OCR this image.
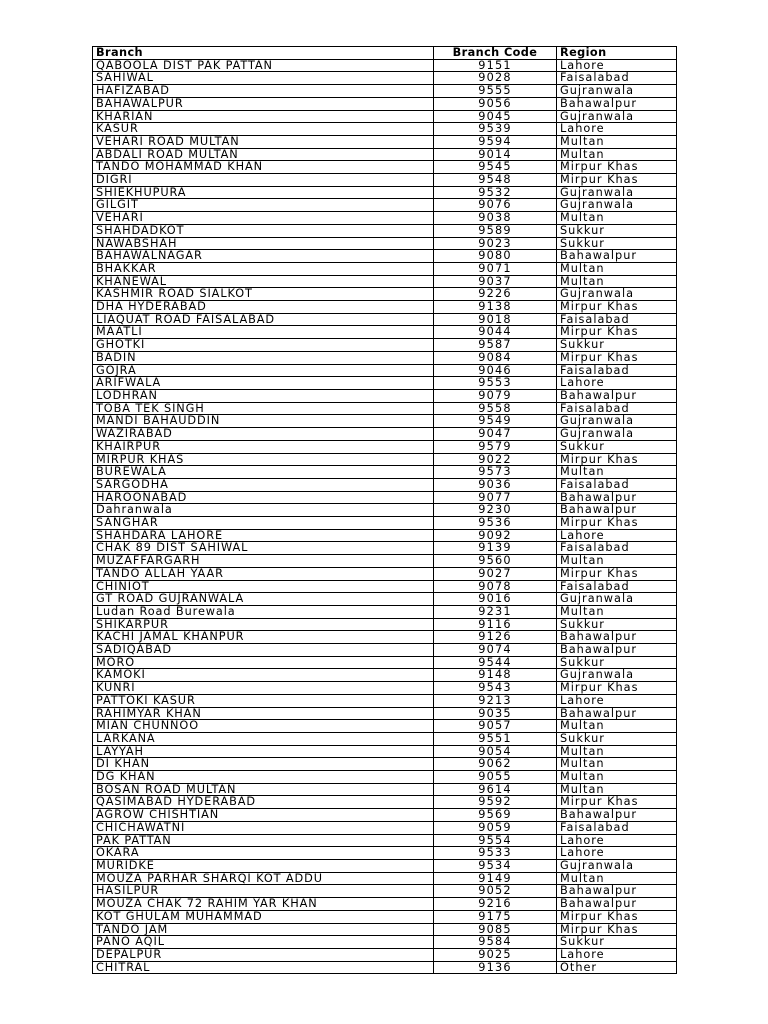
Branch	Branch Code	Region
QABOOLA DIST PAK PATTAN	9151	Lahore
SAHIWAL	9028	Faisalabad
HAFIZABAD	9555	Gujranwala
BAHAWALPUR	9056	Bahawalpur
KHARIAN	9045	Gujranwala
KASUR	9539	Lahore
VEHARI ROAD MULTAN	9594	Multan
ABDALI ROAD MULTAN	9014	Multan
TANDO MOHAMMAD KHAN	9545	Mirpur Khas
DIGRI	9548	Mirpur Khas
SHIEKHUPURA	9532	Gujranwala
GILGIT	9076	Gujranwala
VEHARI	9038	Multan
SHAHDADKOT	9589	Sukkur
NAWABSHAH	9023	Sukkur
BAHAWALNAGAR	9080	Bahawalpur
BHAKKAR	9071	Multan
KHANEWAL	9037	Multan
KASHMIR ROAD SIALKOT	9226	Gujranwala
DHA HYDERABAD	9138	Mirpur Khas
LIAQUAT ROAD FAISALABAD	9018	Faisalabad
MAATLI	9044	Mirpur Khas
GHOTKI	9587	Sukkur
BADIN	9084	Mirpur Khas
GOJRA	9046	Faisalabad
ARIFWALA	9553	Lahore
LODHRAN	9079	Bahawalpur
TOBA TEK SINGH	9558	Faisalabad
MANDI BAHAUDDIN	9549	Gujranwala
WAZIRABAD	9047	Gujranwala
KHAIRPUR	9579	Sukkur
MIRPUR KHAS	9022	Mirpur Khas
BUREWALA	9573	Multan
SARGODHA	9036	Faisalabad
HAROONABAD	9077	Bahawalpur
Dahranwala	9230	Bahawalpur
SANGHAR	9536	Mirpur Khas
SHAHDARA LAHORE	9092	Lahore
CHAK 89 DIST SAHIWAL	9139	Faisalabad
MUZAFFARGARH	9560	Multan
TANDO ALLAH YAAR	9027	Mirpur Khas
CHINIOT	9078	Faisalabad
GT ROAD GUJRANWALA	9016	Gujranwala
Ludan Road Burewala	9231	Multan
SHIKARPUR	9116	Sukkur
KACHI JAMAL KHANPUR	9126	Bahawalpur
SADIQABAD	9074	Bahawalpur
MORO	9544	Sukkur
KAMOKI	9148	Gujranwala
KUNRI	9543	Mirpur Khas
PATTOKI KASUR	9213	Lahore
RAHIMYAR KHAN	9035	Bahawalpur
MIAN CHUNNOO	9057	Multan
LARKANA	9551	Sukkur
LAYYAH	9054	Multan
DI KHAN	9062	Multan
DG KHAN	9055	Multan
BOSAN ROAD MULTAN	9614	Multan
QASIMABAD HYDERABAD	9592	Mirpur Khas
AGROW CHISHTIAN	9569	Bahawalpur
CHICHAWATNI	9059	Faisalabad
PAK PATTAN	9554	Lahore
OKARA	9533	Lahore
MURIDKE	9534	Gujranwala
MOUZA PARHAR SHARQI KOT ADDU	9149	Multan
HASILPUR	9052	Bahawalpur
MOUZA CHAK 72 RAHIM YAR KHAN	9216	Bahawalpur
KOT GHULAM MUHAMMAD	9175	Mirpur Khas
TANDO JAM	9085	Mirpur Khas
PANO AQIL	9584	Sukkur
DEPALPUR	9025	Lahore
CHITRAL	9136	Other
